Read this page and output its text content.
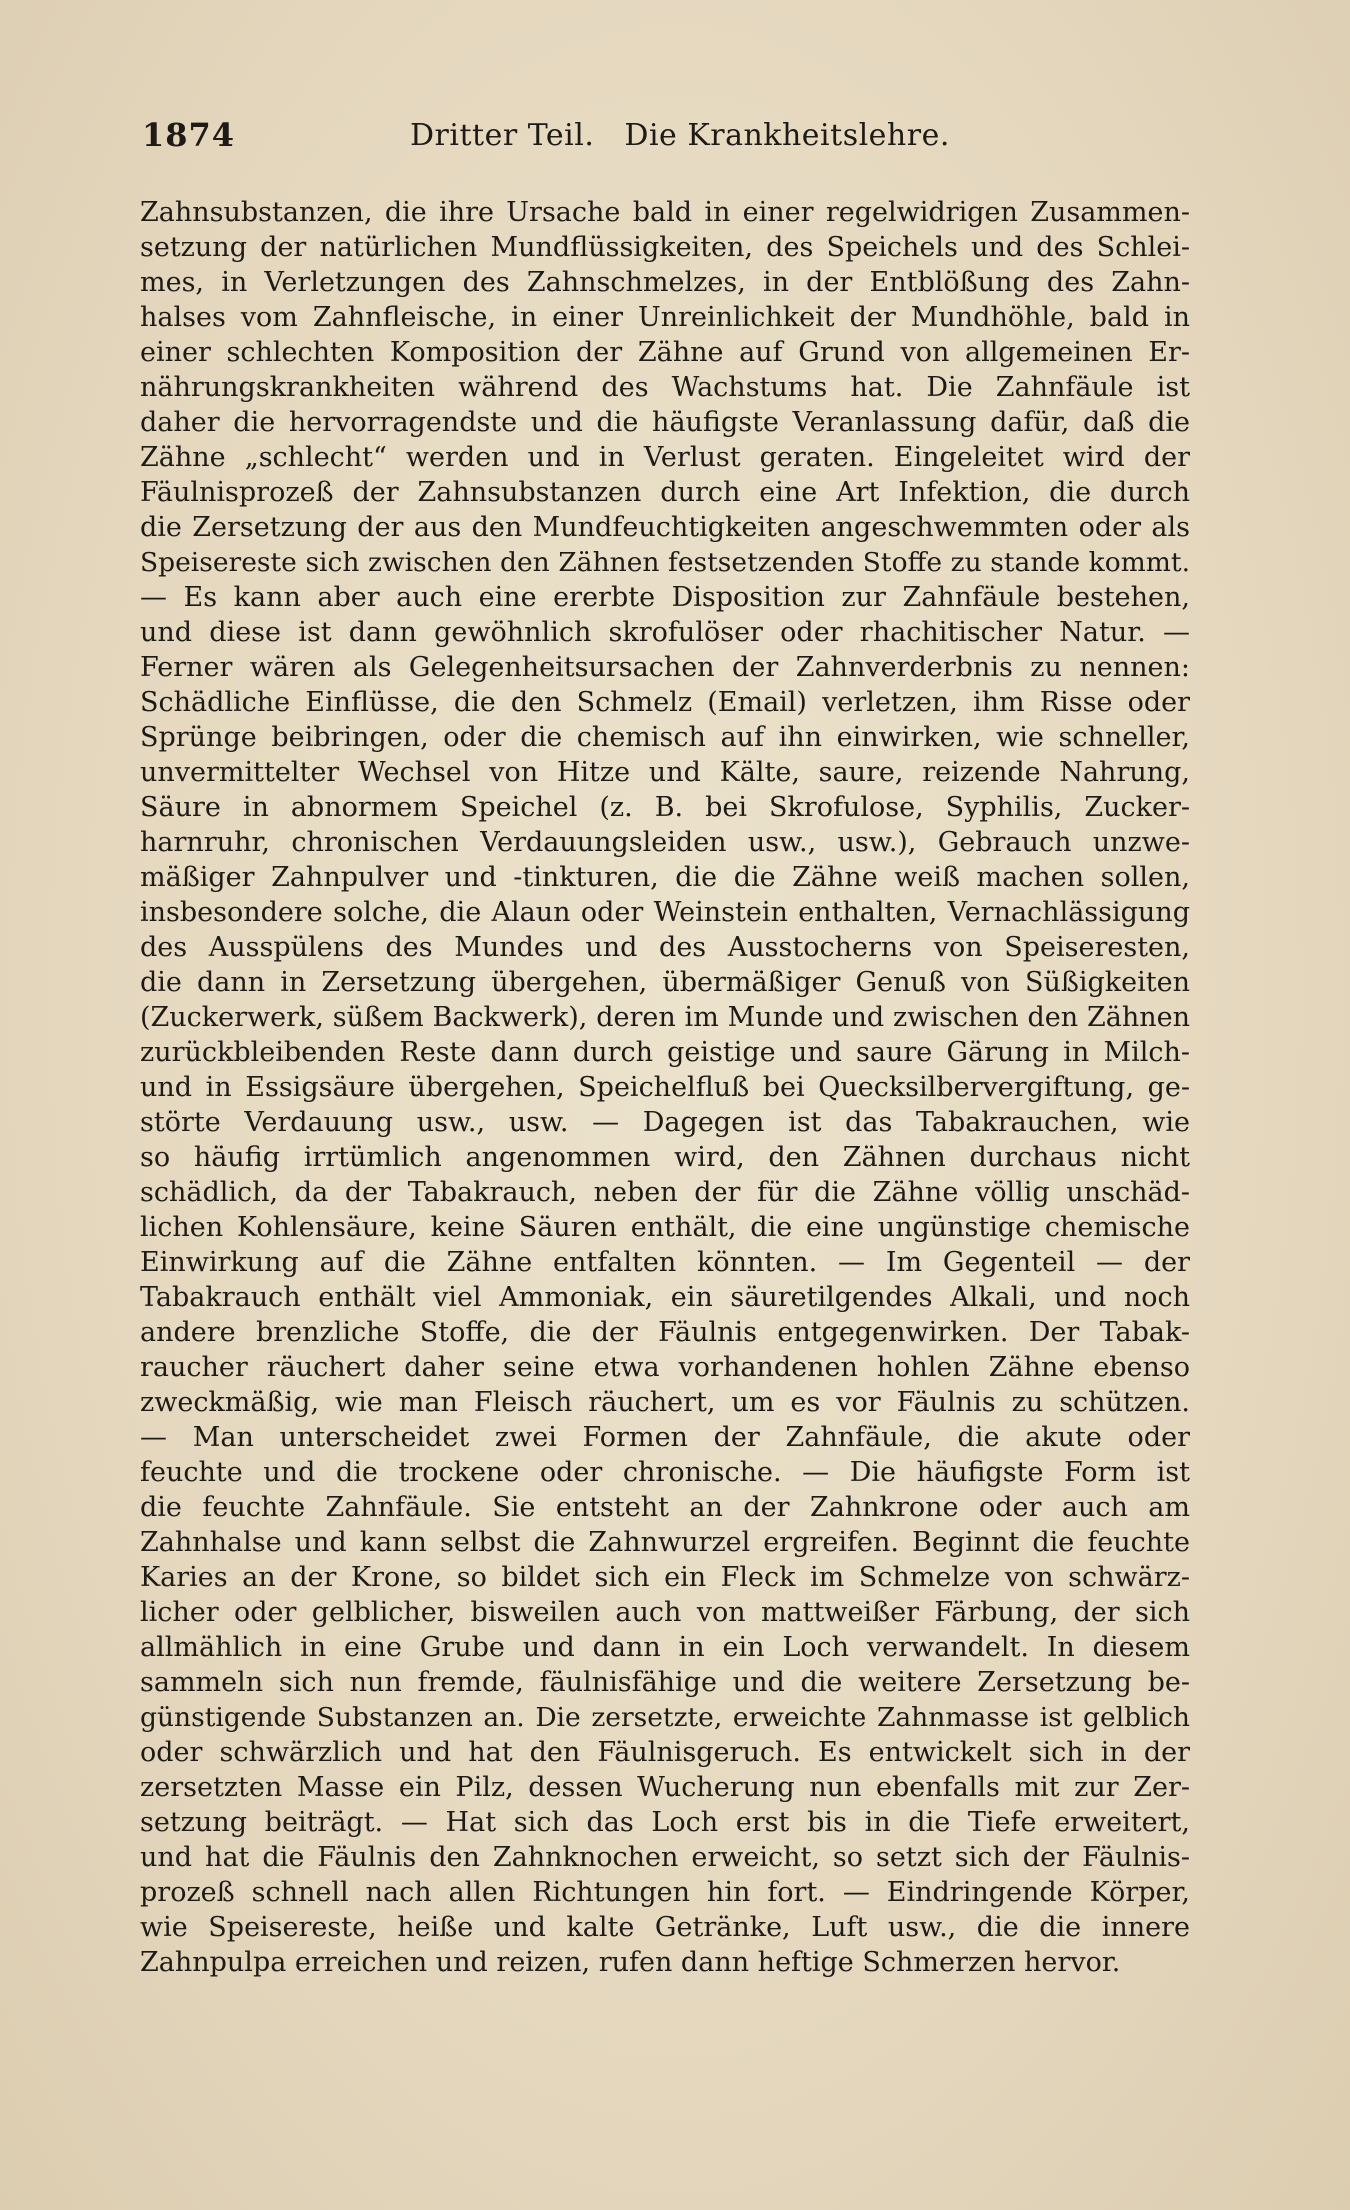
1874	Dritter Teil. Die Krankheitslehre.
Zahnsubstanzen, die ihre Ursache bald in einer regelwidrigen Zusammen-
setzung der natürlichen Mundflüssigkeiten, des Speichels und des Schlei-
mes, in Verletzungen des Zahnschmelzes, in der Entblößung des Zahn-
halses vom Zahnfleische, in einer Unreinlichkeit der Mundhöhle, bald in
einer schlechten Komposition der Zähne auf Grund von allgemeinen Er-
nährungskrankheiten während des Wachstums hat. Die Zahnfäule ist
daher die hervorragendste und die häufigste Veranlassung dafür, daß die
Zähne „schlecht“ werden und in Verlust geraten. Eingeleitet wird der
Fäulnisprozeß der Zahnsubstanzen durch eine Art Infektion, die durch
die Zersetzung der aus den Mundfeuchtigkeiten angeschwemmten oder als
Speisereste sich zwischen den Zähnen festsetzenden Stoffe zu stande kommt.
— Es kann aber auch eine ererbte Disposition zur Zahnfäule bestehen,
und diese ist dann gewöhnlich skrofulöser oder rhachitischer Natur. —
Ferner wären als Gelegenheitsursachen der Zahnverderbnis zu nennen:
Schädliche Einflüsse, die den Schmelz (Email) verletzen, ihm Risse oder
Sprünge beibringen, oder die chemisch auf ihn einwirken, wie schneller,
unvermittelter Wechsel von Hitze und Kälte, saure, reizende Nahrung,
Säure in abnormem Speichel (z. B. bei Skrofulose, Syphilis, Zucker-
harnruhr, chronischen Verdauungsleiden usw., usw.), Gebrauch unzwe-
mäßiger Zahnpulver und -tinkturen, die die Zähne weiß machen sollen,
insbesondere solche, die Alaun oder Weinstein enthalten, Vernachlässigung
des Ausspülens des Mundes und des Ausstocherns von Speiseresten,
die dann in Zersetzung übergehen, übermäßiger Genuß von Süßigkeiten
(Zuckerwerk, süßem Backwerk), deren im Munde und zwischen den Zähnen
zurückbleibenden Reste dann durch geistige und saure Gärung in Milch-
und in Essigsäure übergehen, Speichelfluß bei Quecksilbervergiftung, ge-
störte Verdauung usw., usw. — Dagegen ist das Tabakrauchen, wie
so häufig irrtümlich angenommen wird, den Zähnen durchaus nicht
schädlich, da der Tabakrauch, neben der für die Zähne völlig unschäd-
lichen Kohlensäure, keine Säuren enthält, die eine ungünstige chemische
Einwirkung auf die Zähne entfalten könnten. — Im Gegenteil — der
Tabakrauch enthält viel Ammoniak, ein säuretilgendes Alkali, und noch
andere brenzliche Stoffe, die der Fäulnis entgegenwirken. Der Tabak-
raucher räuchert daher seine etwa vorhandenen hohlen Zähne ebenso
zweckmäßig, wie man Fleisch räuchert, um es vor Fäulnis zu schützen.
— Man unterscheidet zwei Formen der Zahnfäule, die akute oder
feuchte und die trockene oder chronische. — Die häufigste Form ist
die feuchte Zahnfäule. Sie entsteht an der Zahnkrone oder auch am
Zahnhalse und kann selbst die Zahnwurzel ergreifen. Beginnt die feuchte
Karies an der Krone, so bildet sich ein Fleck im Schmelze von schwärz-
licher oder gelblicher, bisweilen auch von mattweißer Färbung, der sich
allmählich in eine Grube und dann in ein Loch verwandelt. In diesem
sammeln sich nun fremde, fäulnisfähige und die weitere Zersetzung be-
günstigende Substanzen an. Die zersetzte, erweichte Zahnmasse ist gelblich
oder schwärzlich und hat den Fäulnisgeruch. Es entwickelt sich in der
zersetzten Masse ein Pilz, dessen Wucherung nun ebenfalls mit zur Zer-
setzung beiträgt. — Hat sich das Loch erst bis in die Tiefe erweitert,
und hat die Fäulnis den Zahnknochen erweicht, so setzt sich der Fäulnis-
prozeß schnell nach allen Richtungen hin fort. — Eindringende Körper,
wie Speisereste, heiße und kalte Getränke, Luft usw., die die innere
Zahnpulpa erreichen und reizen, rufen dann heftige Schmerzen hervor.
